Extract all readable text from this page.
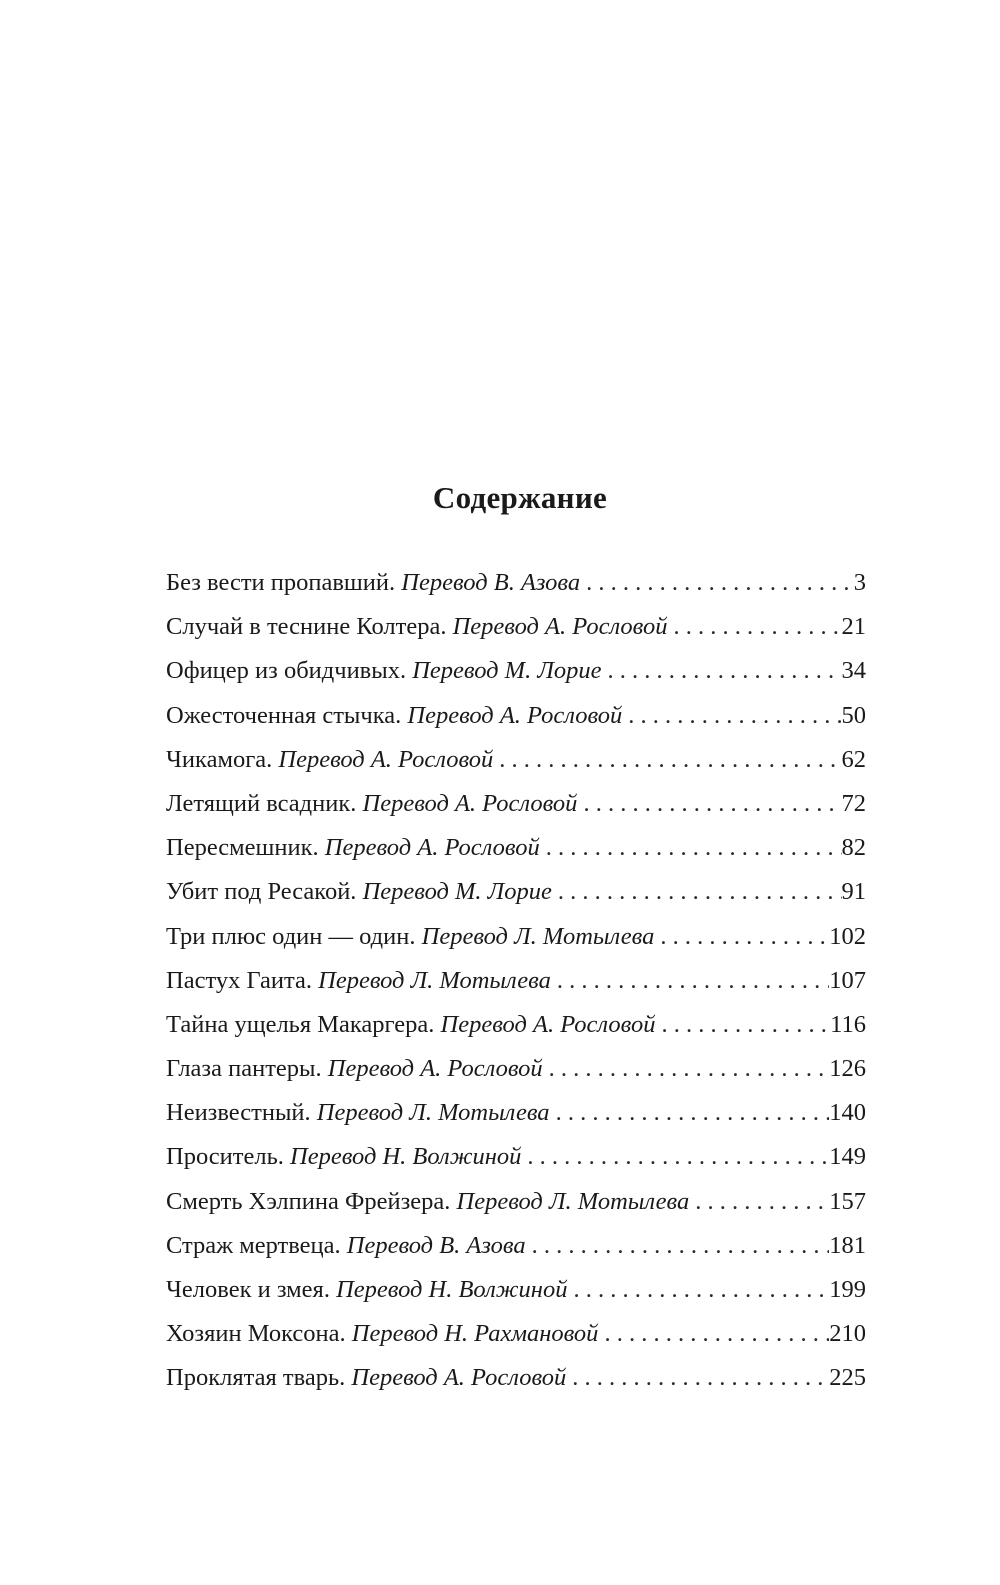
Содержание
Без вести пропавший. Перевод В. Азова . . .	3
Случай в теснине Колтера. Перевод А. Рословой . . .	21
Офицер из обидчивых. Перевод М. Лорие . . .	34
Ожесточенная стычка. Перевод А. Рословой . . .	50
Чикамога. Перевод А. Рословой . . .	62
Летящий всадник. Перевод А. Рословой . . .	72
Пересмешник. Перевод А. Рословой . . .	82
Убит под Ресакой. Перевод М. Лорие . . .	91
Три плюс один — один. Перевод Л. Мотылева . . .	102
Пастух Гаита. Перевод Л. Мотылева . . .	107
Тайна ущелья Макаргера. Перевод А. Рословой . . .	116
Глаза пантеры. Перевод А. Рословой . . .	126
Неизвестный. Перевод Л. Мотылева . . .	140
Проситель. Перевод Н. Волжиной . . .	149
Смерть Хэлпина Фрейзера. Перевод Л. Мотылева . . .	157
Страж мертвеца. Перевод В. Азова . . .	181
Человек и змея. Перевод Н. Волжиной . . .	199
Хозяин Моксона. Перевод Н. Рахмановой . . .	210
Проклятая тварь. Перевод А. Рословой . . .	225
